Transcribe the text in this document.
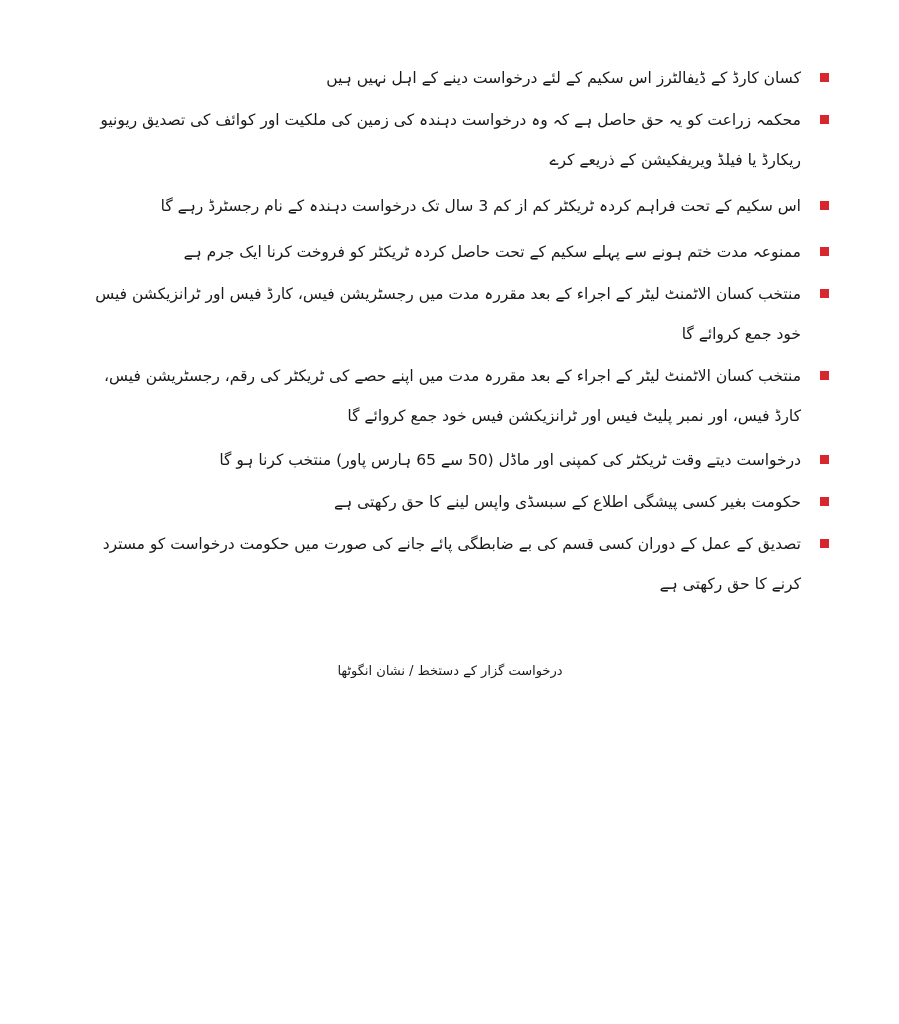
کسان کارڈ کے ڈیفالٹرز اس سکیم کے لئے درخواست دینے کے اہل نہیں ہیں
محکمہ زراعت کو یہ حق حاصل ہے کہ وہ درخواست دہندہ کی زمین کی ملکیت اور کوائف کی تصدیق ریونیو ریکارڈ یا فیلڈ ویریفکیشن کے ذریعے کرے
اس سکیم کے تحت فراہم کردہ ٹریکٹر کم از کم 3 سال تک درخواست دہندہ کے نام رجسٹرڈ رہے گا
ممنوعہ مدت ختم ہونے سے پہلے سکیم کے تحت حاصل کردہ ٹریکٹر کو فروخت کرنا ایک جرم ہے
منتخب کسان الاٹمنٹ لیٹر کے اجراء کے بعد مقررہ مدت میں رجسٹریشن فیس، کارڈ فیس اور ٹرانزیکشن فیس خود جمع کروائے گا
منتخب کسان الاٹمنٹ لیٹر کے اجراء کے بعد مقررہ مدت میں اپنے حصے کی ٹریکٹر کی رقم، رجسٹریشن فیس، کارڈ فیس، اور نمبر پلیٹ فیس اور ٹرانزیکشن فیس خود جمع کروائے گا
درخواست دیتے وقت ٹریکٹر کی کمپنی اور ماڈل (50 سے 65 ہارس پاور) منتخب کرنا ہو گا
حکومت بغیر کسی پیشگی اطلاع کے سبسڈی واپس لینے کا حق رکھتی ہے
تصدیق کے عمل کے دوران کسی قسم کی بے ضابطگی پائے جانے کی صورت میں حکومت درخواست کو مسترد کرنے کا حق رکھتی ہے
درخواست گزار کے دستخط / نشان انگوٹھا
